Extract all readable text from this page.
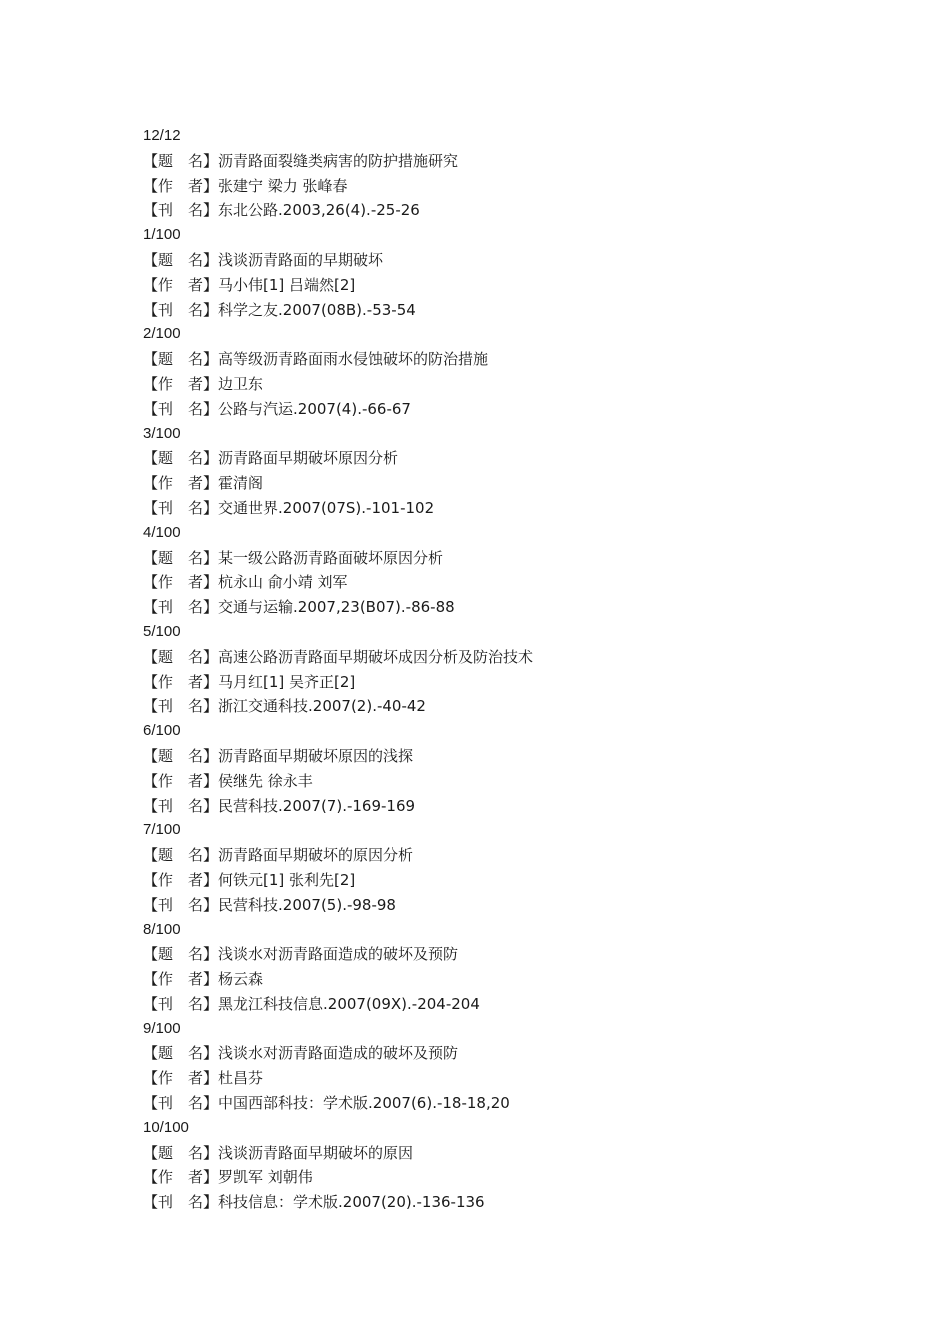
12/12
【题　名】沥青路面裂缝类病害的防护措施研究
【作　者】张建宁 梁力 张峰春
【刊　名】东北公路.2003,26(4).-25-26
1/100
【题　名】浅谈沥青路面的早期破坏
【作　者】马小伟[1] 吕端然[2]
【刊　名】科学之友.2007(08B).-53-54
2/100
【题　名】高等级沥青路面雨水侵蚀破坏的防治措施
【作　者】边卫东
【刊　名】公路与汽运.2007(4).-66-67
3/100
【题　名】沥青路面早期破坏原因分析
【作　者】霍清阁
【刊　名】交通世界.2007(07S).-101-102
4/100
【题　名】某一级公路沥青路面破坏原因分析
【作　者】杭永山 俞小靖 刘军
【刊　名】交通与运输.2007,23(B07).-86-88
5/100
【题　名】高速公路沥青路面早期破坏成因分析及防治技术
【作　者】马月红[1] 吴齐正[2]
【刊　名】浙江交通科技.2007(2).-40-42
6/100
【题　名】沥青路面早期破坏原因的浅探
【作　者】侯继先 徐永丰
【刊　名】民营科技.2007(7).-169-169
7/100
【题　名】沥青路面早期破坏的原因分析
【作　者】何铁元[1] 张利先[2]
【刊　名】民营科技.2007(5).-98-98
8/100
【题　名】浅谈水对沥青路面造成的破坏及预防
【作　者】杨云森
【刊　名】黑龙江科技信息.2007(09X).-204-204
9/100
【题　名】浅谈水对沥青路面造成的破坏及预防
【作　者】杜昌芬
【刊　名】中国西部科技：学术版.2007(6).-18-18,20
10/100
【题　名】浅谈沥青路面早期破坏的原因
【作　者】罗凯军 刘朝伟
【刊　名】科技信息：学术版.2007(20).-136-136
